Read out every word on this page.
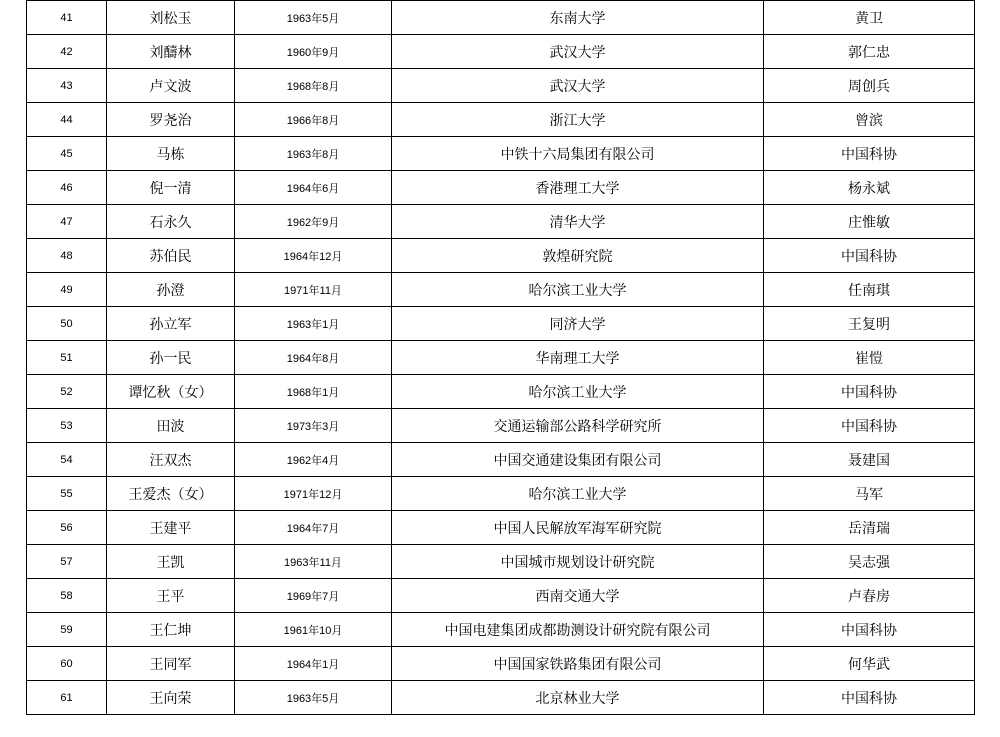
41	刘松玉	1963年5月	东南大学	黄卫
42	刘醻林	1960年9月	武汉大学	郭仁忠
43	卢文波	1968年8月	武汉大学	周创兵
44	罗尧治	1966年8月	浙江大学	曾滨
45	马栋	1963年8月	中铁十六局集团有限公司	中国科协
46	倪一清	1964年6月	香港理工大学	杨永斌
47	石永久	1962年9月	清华大学	庄惟敏
48	苏伯民	1964年12月	敦煌研究院	中国科协
49	孙澄	1971年11月	哈尔滨工业大学	任南琪
50	孙立军	1963年1月	同济大学	王复明
51	孙一民	1964年8月	华南理工大学	崔愷
52	谭忆秋（女）	1968年1月	哈尔滨工业大学	中国科协
53	田波	1973年3月	交通运输部公路科学研究所	中国科协
54	汪双杰	1962年4月	中国交通建设集团有限公司	聂建国
55	王爱杰（女）	1971年12月	哈尔滨工业大学	马军
56	王建平	1964年7月	中国人民解放军海军研究院	岳清瑞
57	王凯	1963年11月	中国城市规划设计研究院	吴志强
58	王平	1969年7月	西南交通大学	卢春房
59	王仁坤	1961年10月	中国电建集团成都勘测设计研究院有限公司	中国科协
60	王同军	1964年1月	中国国家铁路集团有限公司	何华武
61	王向荣	1963年5月	北京林业大学	中国科协
